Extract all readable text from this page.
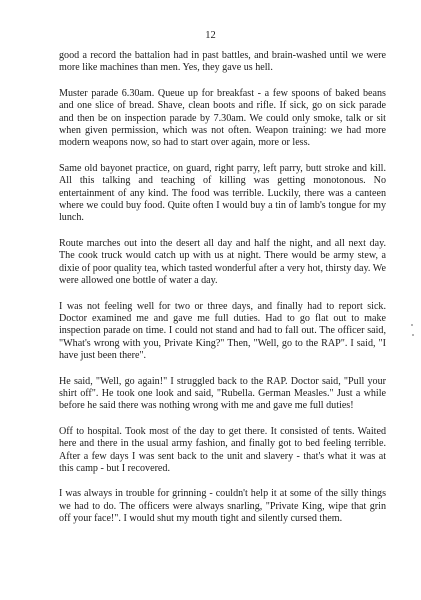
12

good a record the battalion had in past battles, and brain-washed until we were more like machines than men. Yes, they gave us hell.

Muster parade 6.30am. Queue up for breakfast - a few spoons of baked beans and one slice of bread. Shave, clean boots and rifle. If sick, go on sick parade and then be on inspection parade by 7.30am. We could only smoke, talk or sit when given permission, which was not often. Weapon training: we had more modern weapons now, so had to start over again, more or less.

Same old bayonet practice, on guard, right parry, left parry, butt stroke and kill. All this talking and teaching of killing was getting monotonous. No entertainment of any kind. The food was terrible. Luckily, there was a canteen where we could buy food. Quite often I would buy a tin of lamb's tongue for my lunch.

Route marches out into the desert all day and half the night, and all next day. The cook truck would catch up with us at night. There would be army stew, a dixie of poor quality tea, which tasted wonderful after a very hot, thirsty day. We were allowed one bottle of water a day.

I was not feeling well for two or three days, and finally had to report sick. Doctor examined me and gave me full duties. Had to go flat out to make inspection parade on time. I could not stand and had to fall out. The officer said, "What's wrong with you, Private King?" Then, "Well, go to the RAP". I said, "I have just been there".

He said, "Well, go again!" I struggled back to the RAP. Doctor said, "Pull your shirt off". He took one look and said, "Rubella. German Measles." Just a while before he said there was nothing wrong with me and gave me full duties!

Off to hospital. Took most of the day to get there. It consisted of tents. Waited here and there in the usual army fashion, and finally got to bed feeling terrible. After a few days I was sent back to the unit and slavery - that's what it was at this camp - but I recovered.

I was always in trouble for grinning - couldn't help it at some of the silly things we had to do. The officers were always snarling, "Private King, wipe that grin off your face!". I would shut my mouth tight and silently cursed them.
